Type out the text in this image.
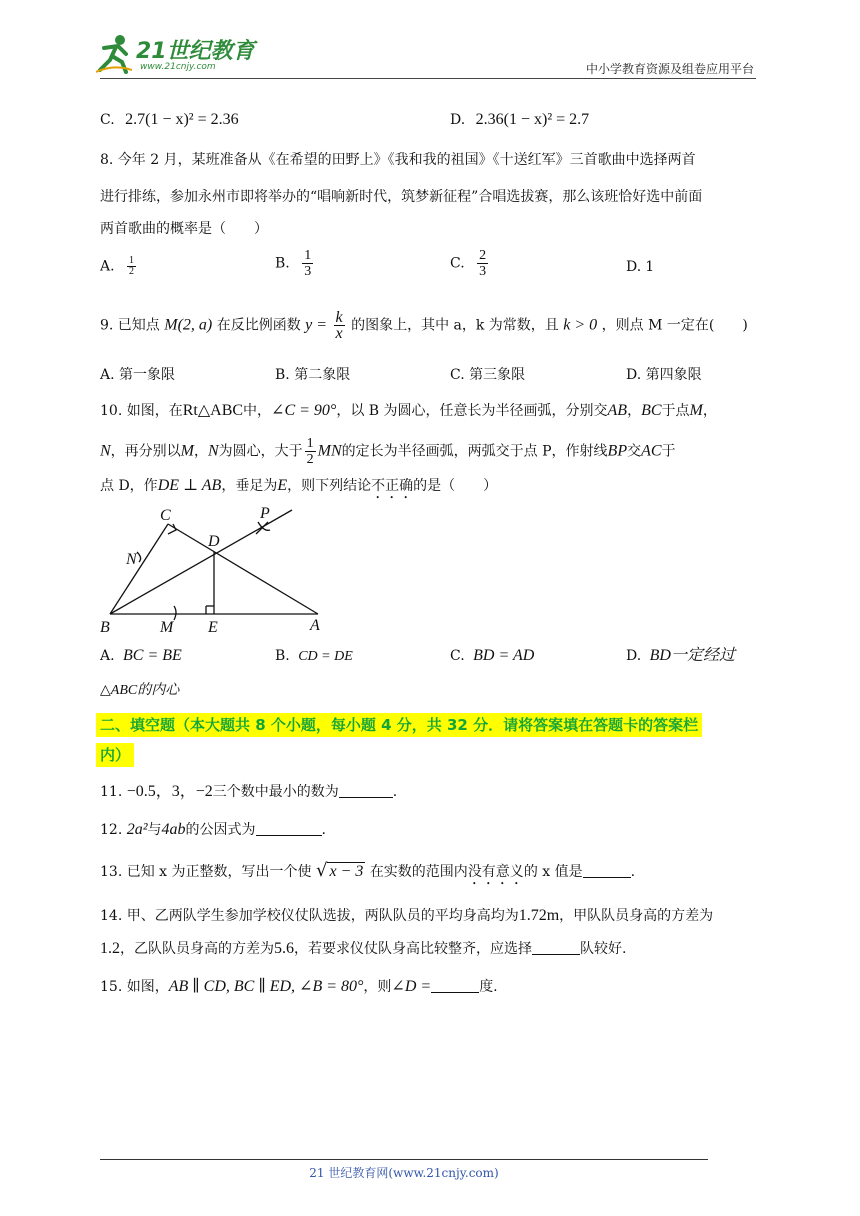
21世纪教育
www.21cnjy.com	中小学教育资源及组卷应用平台
C. 2.7(1 − x)² = 2.36	D. 2.36(1 − x)² = 2.7
8. 今年 2 月，某班准备从《在希望的田野上》《我和我的祖国》《十送红军》三首歌曲中选择两首
进行排练，参加永州市即将举办的“唱响新时代，筑梦新征程”合唱选拔赛，那么该班恰好选中前面
两首歌曲的概率是（　　）
A. $\frac{1}{2}$	B. $\frac{1}{3}$	C. $\frac{2}{3}$	D. 1
9. 已知点 M(2, a) 在反比例函数 $y = \frac{k}{x}$ 的图象上，其中 a，k 为常数，且 k > 0 ，则点 M 一定在(　　)
A. 第一象限	B. 第二象限	C. 第三象限	D. 第四象限
10. 如图，在Rt△ABC中，∠C = 90°，以 B 为圆心，任意长为半径画弧，分别交AB，BC于点M，
N，再分别以M，N为圆心，大于 $\frac{1}{2}$ MN的定长为半径画弧，两弧交于点 P，作射线BP交AC于
点 D，作DE ⊥ AB，垂足为E，则下列结论不正确的是（　　）
C
D
P
N
B	M E	A
A. BC = BE	B. CD = DE	C. BD = AD	D. BD一定经过
△ABC的内心
二、填空题（本大题共 8 个小题，每小题 4 分，共 32 分．请将答案填在答题卡的答案栏
内）
11. −0.5，3，−2三个数中最小的数为	.
12. 2a²与4ab的公因式为	.
13. 已知 x 为正整数，写出一个使 √ x − 3 在实数的范围内没有意义的 x 值是	.
14. 甲、乙两队学生参加学校仪仗队选拔，两队队员的平均身高均为1.72m，甲队队员身高的方差为
1.2，乙队队员身高的方差为5.6，若要求仪仗队身高比较整齐，应选择	队较好.
15. 如图，AB ∥ CD, BC ∥ ED, ∠B = 80°，则∠D =	度.
21 世纪教育网(www.21cnjy.com)
